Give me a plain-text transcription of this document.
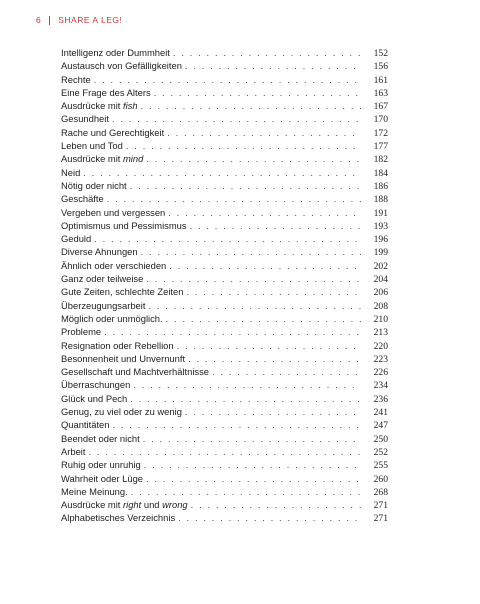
6 SHARE A LEG!
Intelligenz oder Dummheit . . .	152
Austausch von Gefälligkeiten . . .	156
Rechte . . .	161
Eine Frage des Alters . . .	163
Ausdrücke mit fish . . .	167
Gesundheit . . .	170
Rache und Gerechtigkeit . . .	172
Leben und Tod . . .	177
Ausdrücke mit mind . . .	182
Neid . . .	184
Nötig oder nicht . . .	186
Geschäfte . . .	188
Vergeben und vergessen . . .	191
Optimismus und Pessimismus . . .	193
Geduld . . .	196
Diverse Ahnungen . . .	199
Ähnlich oder verschieden . . .	202
Ganz oder teilweise . . .	204
Gute Zeiten, schlechte Zeiten . . .	206
Überzeugungsarbeit . . .	208
Möglich oder unmöglich. . . .	210
Probleme . . .	213
Resignation oder Rebellion . . .	220
Besonnenheit und Unvernunft . . .	223
Gesellschaft und Machtverhältnisse . . .	226
Überraschungen . . .	234
Glück und Pech . . .	236
Genug, zu viel oder zu wenig . . .	241
Quantitäten . . .	247
Beendet oder nicht . . .	250
Arbeit . . .	252
Ruhig oder unruhig . . .	255
Wahrheit oder Lüge . . .	260
Meine Meinung. . . .	268
Ausdrücke mit right und wrong . . .	271
Alphabetisches Verzeichnis . . .	271
